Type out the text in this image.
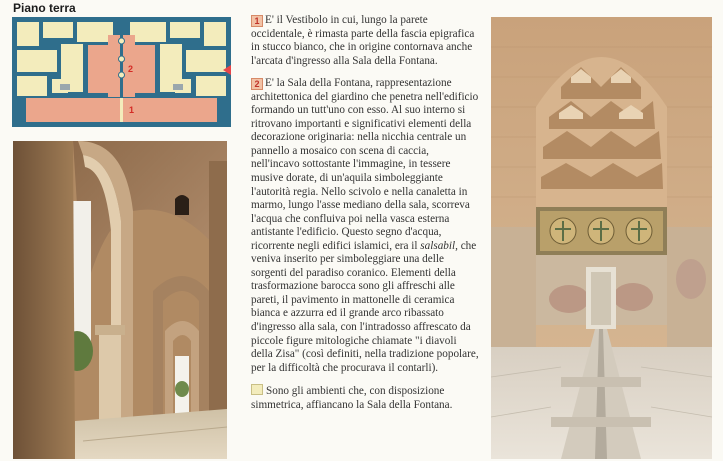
Piano terra
2
1

1 E' il Vestibolo in cui, lungo la parete occidentale, è rimasta parte della fascia epigrafica in stucco bianco, che in origine contornava anche l'arcata d'ingresso alla Sala della Fontana.

2 E' la Sala della Fontana, rappresentazione architettonica del giardino che penetra nell'edificio formando un tutt'uno con esso. Al suo interno si ritrovano importanti e significativi elementi della decorazione originaria: nella nicchia centrale un pannello a mosaico con scena di caccia, nell'incavo sottostante l'immagine, in tessere musive dorate, di un'aquila simboleggiante l'autorità regia. Nello scivolo e nella canaletta in marmo, lungo l'asse mediano della sala, scorreva l'acqua che confluiva poi nella vasca esterna antistante l'edificio. Questo segno d'acqua, ricorrente negli edifici islamici, era il salsabil, che veniva inserito per simboleggiare una delle sorgenti del paradiso coranico. Elementi della trasformazione barocca sono gli affreschi alle pareti, il pavimento in mattonelle di ceramica bianca e azzurra ed il grande arco ribassato d'ingresso alla sala, con l'intradosso affrescato da piccole figure mitologiche chiamate "i diavoli della Zisa" (così definiti, nella tradizione popolare, per la difficoltà che procurava il contarli).

Sono gli ambienti che, con disposizione simmetrica, affiancano la Sala della Fontana.
